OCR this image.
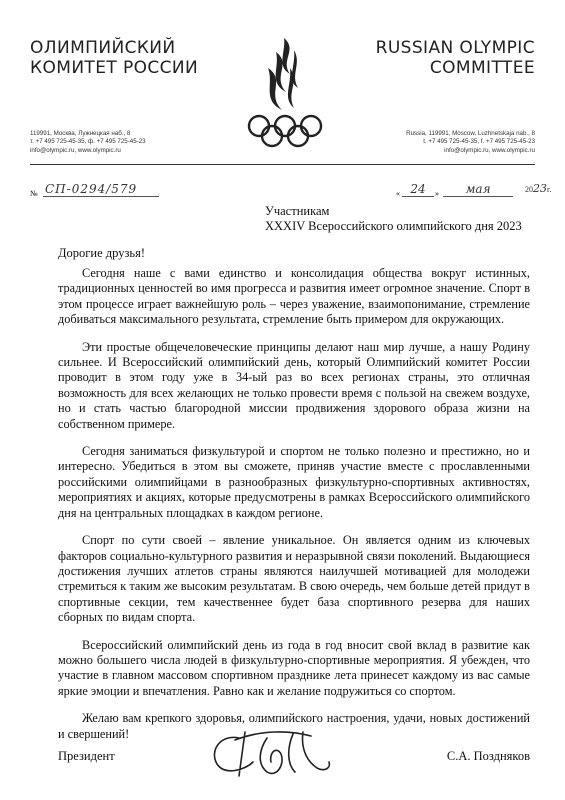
ОЛИМПИЙСКИЙ
КОМИТЕТ РОССИИ
RUSSIAN OLYMPIC
COMMITTEE
119991, Москва, Лужнецкая наб., 8
т. +7 495 725-45-35, ф. +7 495 725-45-23
info@olympic.ru, www.olympic.ru
Russia, 119991, Moscow, Luzhnetskaja nab., 8
t. +7 495 725-45-35, f. +7 495 725-45-23
info@olympic.ru, www.olympic.ru
№ СП-0294/579	« 24	»	мая	2023г.
Участникам
XXXIV Всероссийского олимпийского дня 2023
Дорогие друзья!

Сегодня наше с вами единство и консолидация общества вокруг истинных, традиционных ценностей во имя прогресса и развития имеет огромное значение. Спорт в этом процессе играет важнейшую роль – через уважение, взаимопонимание, стремление добиваться максимального результата, стремление быть примером для окружающих.

Эти простые общечеловеческие принципы делают наш мир лучше, а нашу Родину сильнее. И Всероссийский олимпийский день, который Олимпийский комитет России проводит в этом году уже в 34-ый раз во всех регионах страны, это отличная возможность для всех желающих не только провести время с пользой на свежем воздухе, но и стать частью благородной миссии продвижения здорового образа жизни на собственном примере.

Сегодня заниматься физкультурой и спортом не только полезно и престижно, но и интересно. Убедиться в этом вы сможете, приняв участие вместе с прославленными российскими олимпийцами в разнообразных физкультурно-спортивных активностях, мероприятиях и акциях, которые предусмотрены в рамках Всероссийского олимпийского дня на центральных площадках в каждом регионе.

Спорт по сути своей – явление уникальное. Он является одним из ключевых факторов социально-культурного развития и неразрывной связи поколений. Выдающиеся достижения лучших атлетов страны являются наилучшей мотивацией для молодежи стремиться к таким же высоким результатам. В свою очередь, чем больше детей придут в спортивные секции, тем качественнее будет база спортивного резерва для наших сборных по видам спорта.

Всероссийский олимпийский день из года в год вносит свой вклад в развитие как можно большего числа людей в физкультурно-спортивные мероприятия. Я убежден, что участие в главном массовом спортивном празднике лета принесет каждому из вас самые яркие эмоции и впечатления. Равно как и желание подружиться со спортом.

Желаю вам крепкого здоровья, олимпийского настроения, удачи, новых достижений и свершений!

Президент	С.А. Поздняков
